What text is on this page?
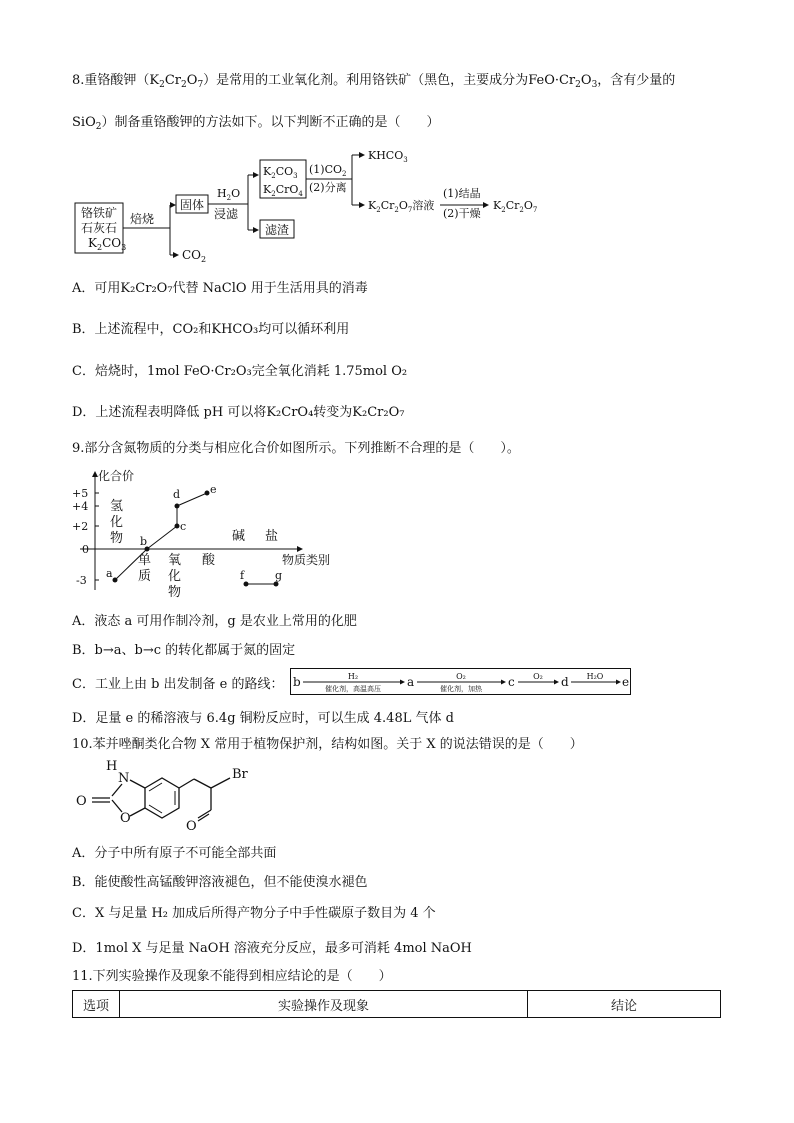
8.重铬酸钾$(K_2Cr_2O_7)$是常用的工业氧化剂。利用铬铁矿（黑色，主要成分为$FeO\cdot Cr_2O_3$，含有少量的
SiO$_2$）制备重铬酸钾的方法如下。以下判断不正确的是（　　）
铬铁矿
石灰石
$K_2CO_3$
焙烧
$CO_2$
固体
$H_2O$
浸滤
滤渣
$K_2CO_3$
$K_2CrO_4$
$(1)CO_2$
(2)分离
$KHCO_3$
$K_2Cr_2O_7$溶液
(1)结晶
(2)干燥
$K_2Cr_2O_7$
A．可用K₂Cr₂O₇代替 NaClO 用于生活用具的消毒
B．上述流程中，CO₂和KHCO₃均可以循环利用
C．焙烧时，1mol FeO·Cr₂O₃完全氧化消耗 1.75mol O₂
D．上述流程表明降低 pH 可以将K₂CrO₄转变为K₂Cr₂O₇
9.部分含氮物质的分类与相应化合价如图所示。下列推断不合理的是（　　）。
化合价
+5
+4
+2
0
-3
氢
化
物
单
质
氧
化
物
酸
碱 盐
物质类别
a
b
c
d	e
f	g
A．液态 a 可用作制冷剂，g 是农业上常用的化肥
B．b→a、b→c 的转化都属于氮的固定
C．工业上由 b 出发制备 e 的路线： b	H₂
催化剂，高温高压 a	O₂
催化剂，加热 c O₂ d H₂O e
D．足量 e 的稀溶液与 6.4g 铜粉反应时，可以生成 4.48L 气体 d
10.苯并唑酮类化合物 X 常用于植物保护剂，结构如图。关于 X 的说法错误的是（　　）
N
H
O
O
Br
O
A．分子中所有原子不可能全部共面
B．能使酸性高锰酸钾溶液褪色，但不能使溴水褪色
C．X 与足量 H₂ 加成后所得产物分子中手性碳原子数目为 4 个
D．1mol X 与足量 NaOH 溶液充分反应，最多可消耗 4mol NaOH
11.下列实验操作及现象不能得到相应结论的是（　　）
选项	实验操作及现象	结论
